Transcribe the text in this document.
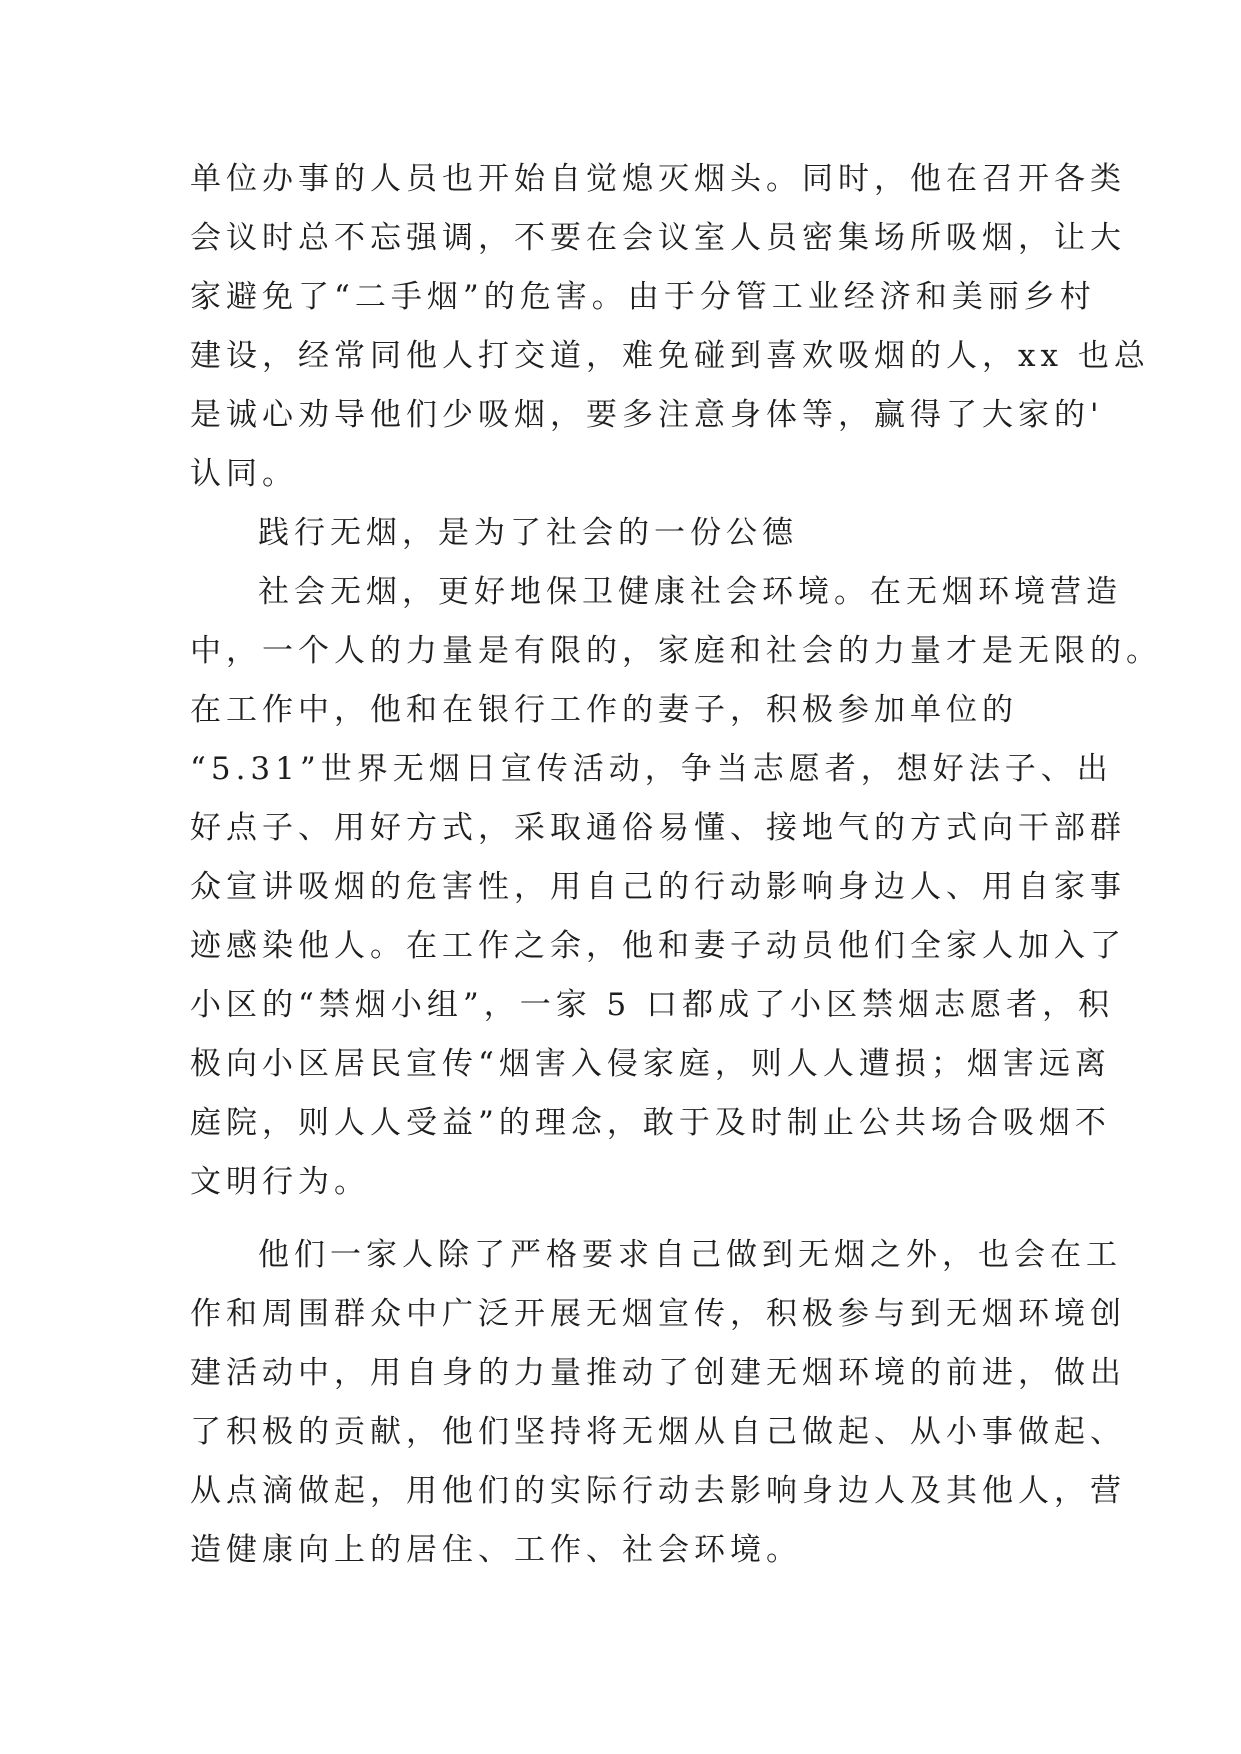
单位办事的人员也开始自觉熄灭烟头。同时，他在召开各类
会议时总不忘强调，不要在会议室人员密集场所吸烟，让大
家避免了“二手烟”的危害。由于分管工业经济和美丽乡村
建设，经常同他人打交道，难免碰到喜欢吸烟的人，xx 也总
是诚心劝导他们少吸烟，要多注意身体等，赢得了大家的'
认同。
践行无烟，是为了社会的一份公德
社会无烟，更好地保卫健康社会环境。在无烟环境营造
中，一个人的力量是有限的，家庭和社会的力量才是无限的。
在工作中，他和在银行工作的妻子，积极参加单位的
“5.31”世界无烟日宣传活动，争当志愿者，想好法子、出
好点子、用好方式，采取通俗易懂、接地气的方式向干部群
众宣讲吸烟的危害性，用自己的行动影响身边人、用自家事
迹感染他人。在工作之余，他和妻子动员他们全家人加入了
小区的“禁烟小组”，一家 5 口都成了小区禁烟志愿者，积
极向小区居民宣传“烟害入侵家庭，则人人遭损；烟害远离
庭院，则人人受益”的理念，敢于及时制止公共场合吸烟不
文明行为。
他们一家人除了严格要求自己做到无烟之外，也会在工
作和周围群众中广泛开展无烟宣传，积极参与到无烟环境创
建活动中，用自身的力量推动了创建无烟环境的前进，做出
了积极的贡献，他们坚持将无烟从自己做起、从小事做起、
从点滴做起，用他们的实际行动去影响身边人及其他人，营
造健康向上的居住、工作、社会环境。
